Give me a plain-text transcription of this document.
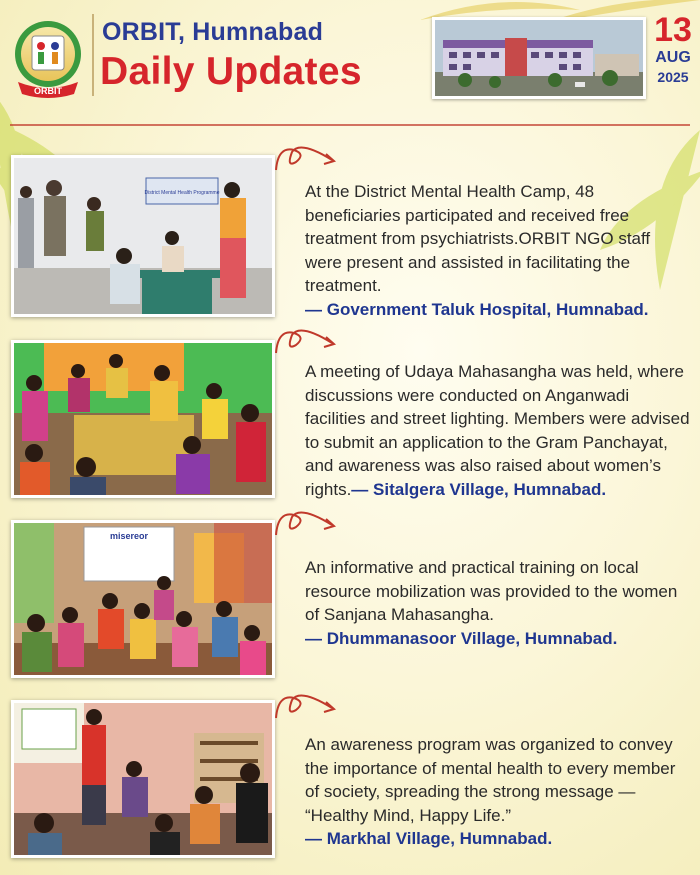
ORBIT
ORBIT, Humnabad
Daily Updates
13
AUG
2025
District Mental Health Programme	At the District Mental Health Camp, 48 beneficiaries participated and received free treatment from psychiatrists.ORBIT NGO staff were present and assisted in facilitating the treatment.
— Government Taluk Hospital, Humnabad.
A meeting of Udaya Mahasangha was held, where discussions were conducted on Anganwadi facilities and street lighting. Members were advised to submit an application to the Gram Panchayat, and awareness was also raised about women’s rights.— Sitalgera Village, Humnabad.
misereor
An informative and practical training on local resource mobilization was provided to the women of Sanjana Mahasangha.
— Dhummanasoor Village, Humnabad.
An awareness program was organized to convey the importance of mental health to every member of society, spreading the strong message — “Healthy Mind, Happy Life.”
— Markhal Village, Humnabad.
